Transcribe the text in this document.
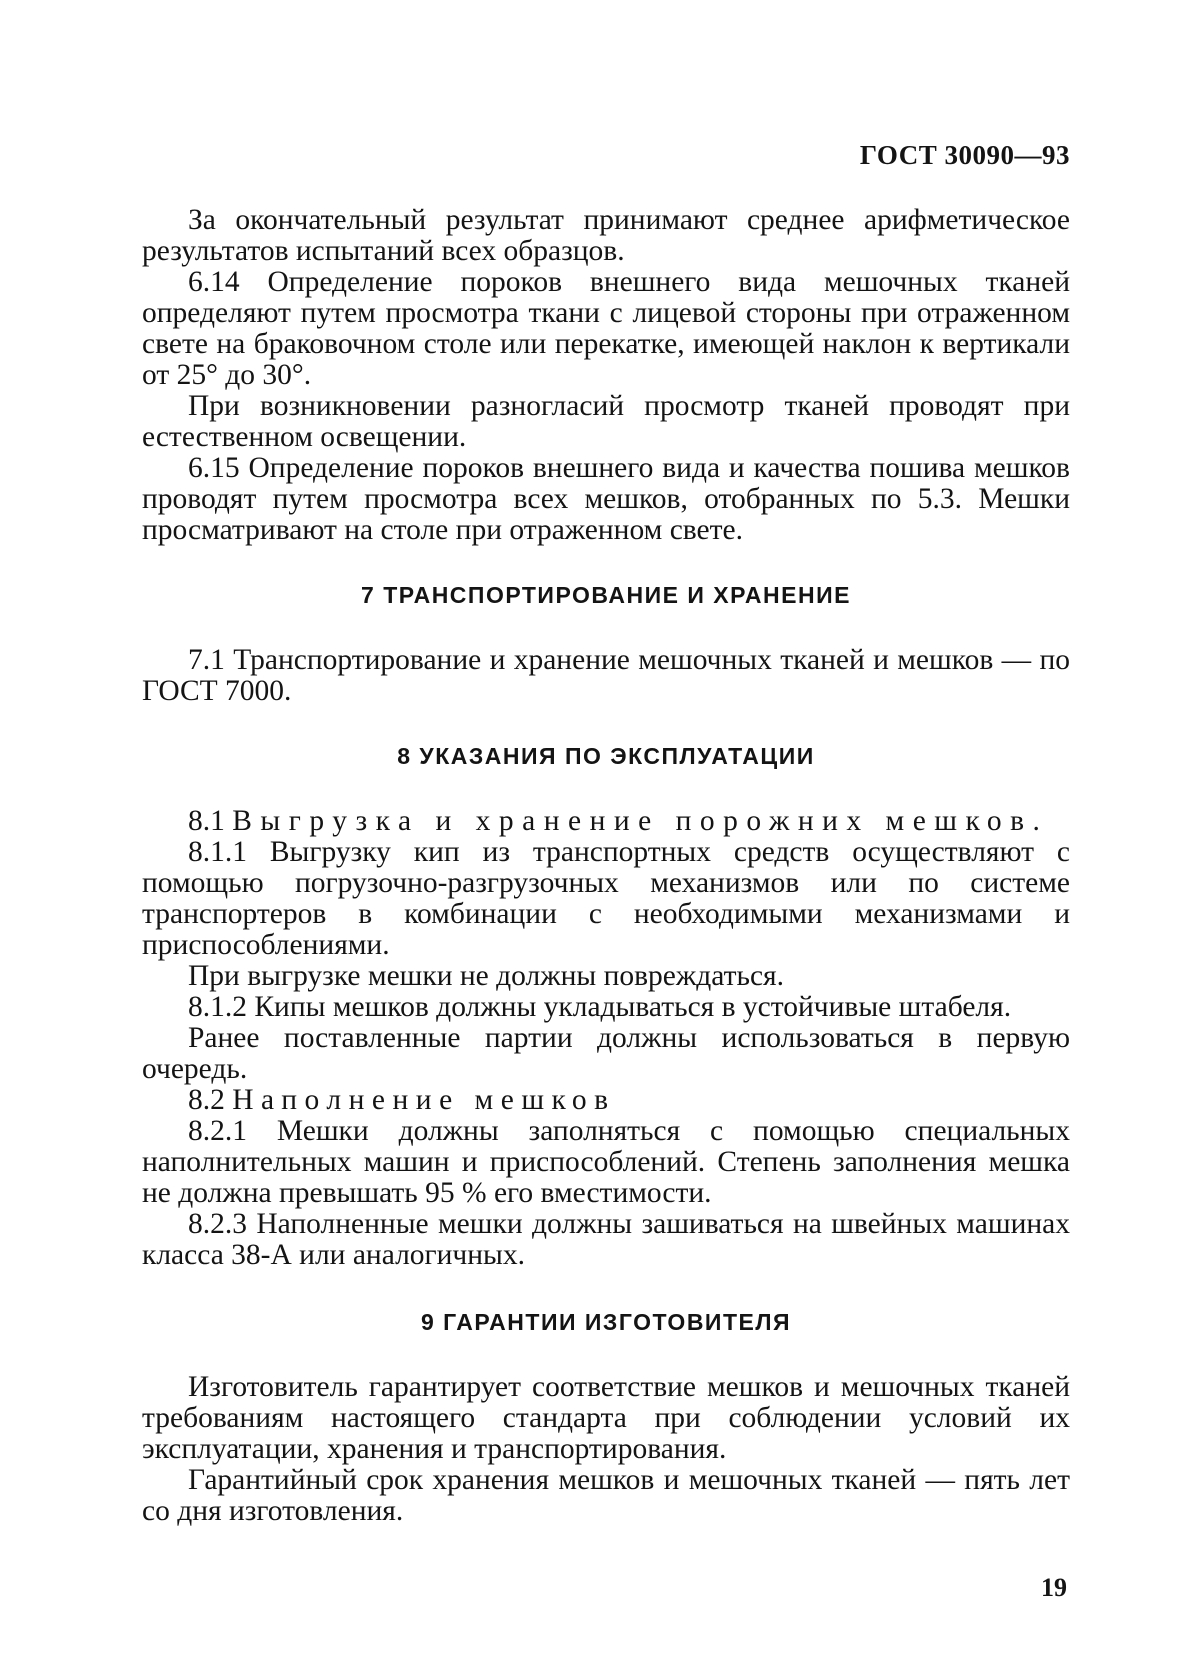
ГОСТ 30090—93

За окончательный результат принимают среднее арифметическое результатов испытаний всех образцов.

6.14 Определение пороков внешнего вида мешочных тканей определяют путем просмотра ткани с лицевой стороны при отраженном свете на браковочном столе или перекатке, имеющей наклон к вертикали от 25° до 30°.

При возникновении разногласий просмотр тканей проводят при естественном освещении.

6.15 Определение пороков внешнего вида и качества пошива мешков проводят путем просмотра всех мешков, отобранных по 5.3. Мешки просматривают на столе при отраженном свете.

7 ТРАНСПОРТИРОВАНИЕ И ХРАНЕНИЕ

7.1 Транспортирование и хранение мешочных тканей и мешков — по ГОСТ 7000.

8 УКАЗАНИЯ ПО ЭКСПЛУАТАЦИИ

8.1 Выгрузка и хранение порожних мешков.

8.1.1 Выгрузку кип из транспортных средств осуществляют с помощью погрузочно-разгрузочных механизмов или по системе транспортеров в комбинации с необходимыми механизмами и приспособлениями.

При выгрузке мешки не должны повреждаться.

8.1.2 Кипы мешков должны укладываться в устойчивые штабеля.

Ранее поставленные партии должны использоваться в первую очередь.

8.2 Наполнение мешков

8.2.1 Мешки должны заполняться с помощью специальных наполнительных машин и приспособлений. Степень заполнения мешка не должна превышать 95 % его вместимости.

8.2.3 Наполненные мешки должны зашиваться на швейных машинах класса 38-А или аналогичных.

9 ГАРАНТИИ ИЗГОТОВИТЕЛЯ

Изготовитель гарантирует соответствие мешков и мешочных тканей требованиям настоящего стандарта при соблюдении условий их эксплуатации, хранения и транспортирования.

Гарантийный срок хранения мешков и мешочных тканей — пять лет со дня изготовления.

19
